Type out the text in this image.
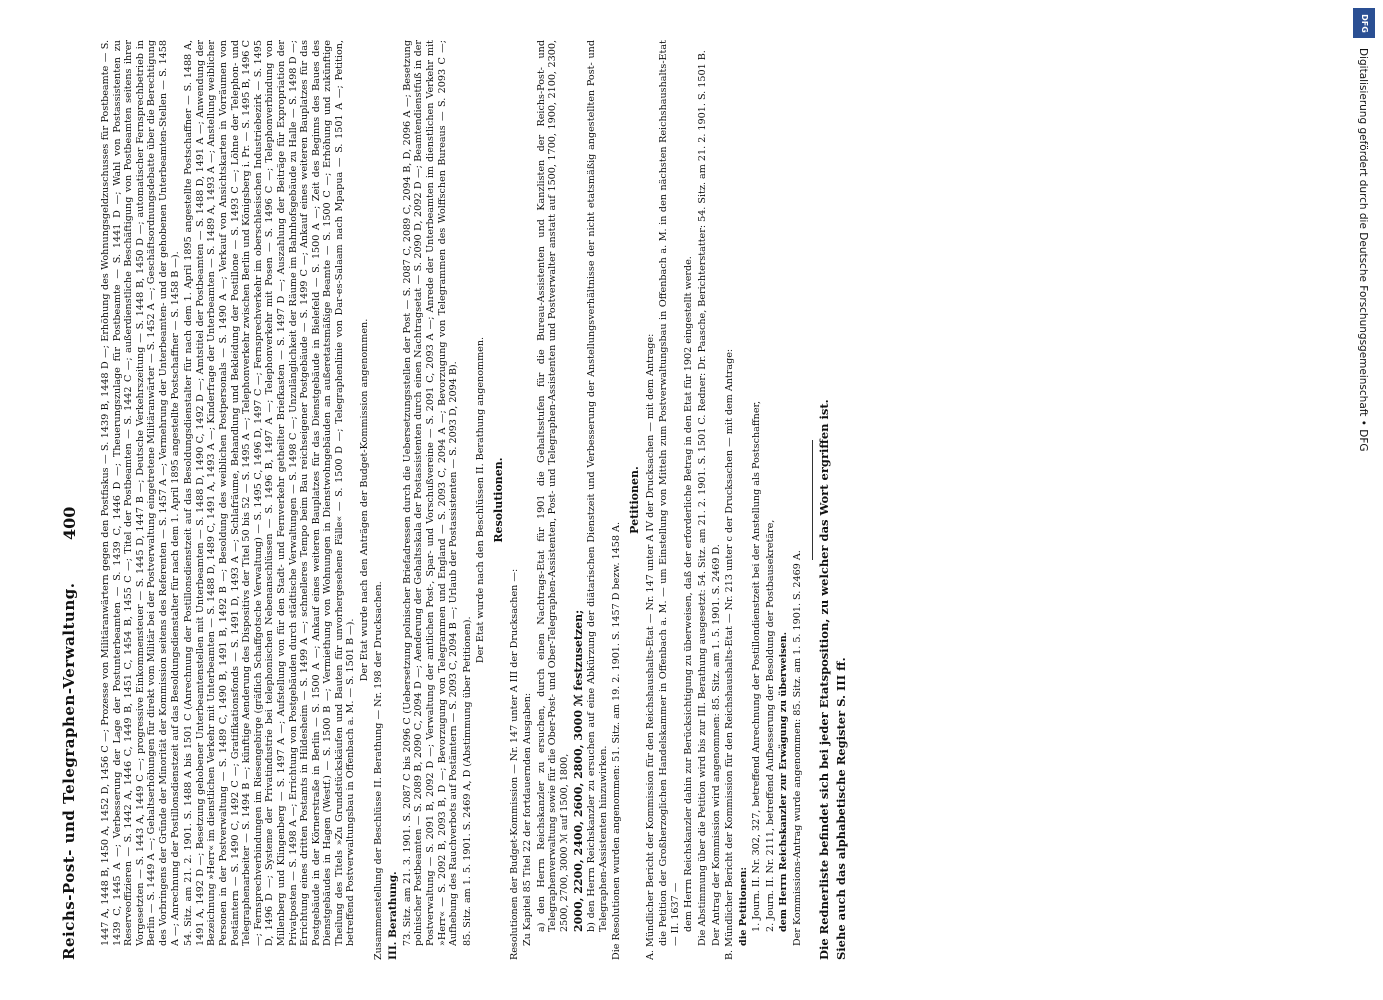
Reichs-Post- und Telegraphen-Verwaltung.
400 1447 A, 1448 B, 1450 A, 1452 D, 1456 C —; Prozesse von Militäranwärtern gegen den Postfiskus — S. 1439 B, 1448 D —; Erhöhung des Wohnungsgeldzuschusses für Postbeamte — S. 1439 C, 1445 A —; Verbesserung der Lage der Postunterbeamten — S. 1439 C, 1446 D —; Theuerungszulage für Postbeamte — S. 1441 D —; Wahl von Postassistenten zu Reserveoffizieren — S. 1442 A, 1446 C, 1449 B, 1451 C, 1454 B, 1455 C —; Titel der Postbeamten — S. 1442 C —; außerdienstliche Beschäftigung von Postbeamten seitens ihrer Vorgesetzten — S. 1443 A, 1449 C —; progressive Einkommensteuer — S. 1445 D, 1447 B —; Deutsche Verkehrszeitung — S. 1448 B, 1450 D —; automatischer Fernsprechbetrieb in Berlin — S. 1449 A —; Gehaltserhöhungen für direkt vom Militär bei der Postverwaltung eingetretene Militäranwärter — S. 1452 A —; Geschäftsordnungsdebatte über die Berechtigung des Vorbringens der Gründe der Minorität der Kommission seitens des Referenten — S. 1457 A —; Vermehrung der Unterbeamten- und der gehobenen Unterbeamten-Stellen — S. 1458 A —; Anrechnung der Postillonsdienstzeit auf das Besoldungsdienstalter für nach dem 1. April 1895 angestellte Postschaffner — S. 1458 B —). 54. Sitz. am 21. 2. 1901. S. 1488 A bis 1501 C (Anrechnung der Postillonsdienstzeit auf das Besoldungsdienstalter für nach dem 1. April 1895 angestellte Postschaffner — S. 1488 A, 1491 A, 1492 D —; Besetzung gehobener Unterbeamtenstellen mit Unterbeamten — S. 1488 D, 1490 C, 1492 D —; Amtstitel der Postbeamten — S. 1488 D, 1491 A —; Anwendung der Bezeichnung »Herr« im dienstlichen Verkehr mit Unterbeamten — S. 1488 D, 1489 C, 1491 A, 1493 A —; Kinderfrage der Unterbeamten — S. 1489 A, 1493 A —; Anstellung weiblicher Personen in der Postverwaltung — S. 1489 C, 1490 B, 1491 B, 1492 B —; Besoldung des weiblichen Postpersonals — S. 1490 A —; Verkauf von Ansichtskarten in Vorräumen von Postämtern — S. 1490 C, 1492 C —; Gratifikationsfonds — S. 1491 D, 1493 A —; Schlafräume, Behandlung und Bekleidung der Postillone — S. 1493 C —; Löhne der Telephon- und Telegraphenarbeiter — S. 1494 B —; künftige Aenderung des Dispositivs der Titel 50 bis 52 — S. 1495 A —; Telephonverkehr zwischen Berlin und Königsberg i. Pr. — S. 1495 B, 1496 C —; Fernsprechverbindungen im Riesengebirge (gräflich Schaffgotsche Verwaltung) — S. 1495 C, 1496 D, 1497 C —; Fernsprechverkehr im oberschlesischen Industriebezirk — S. 1495 D, 1496 D —; Systeme der Privatindustrie bei telephonischen Nebenanschlüssen — S. 1496 B, 1497 A —; Telephonverkehr mit Posen — S. 1496 C —; Telephonverbindung von Millenberg und Klingenberg — S. 1497 A —; Aufstellung von für den Stadt- und Fernverkehr getheilter Briefkasten — S. 1497 D —; Auszahlung der Beiträge für Expropriation der Privatposten — S. 1498 A —; Errichtung von Postgebäuden durch städtische Verwaltungen — S. 1498 C —; Unzulänglichkeit der Räume im Bahnhofsgebäude zu Halle — S. 1498 D —; Errichtung eines dritten Postamts in Hildesheim — S. 1499 A —; schnelleres Tempo beim Bau reichseigener Postgebäude — S. 1499 C —; Ankauf eines weiteren Bauplatzes für das Postgebäude in der Körnerstraße in Berlin — S. 1500 A —; Ankauf eines weiteren Bauplatzes für das Dienstgebäude in Bielefeld — S. 1500 A —; Zeit des Beginns des Baues des Dienstgebäudes in Hagen (Westf.) — S. 1500 B —; Vermiethung von Wohnungen in Dienstwohngebäuden an außeretatsmäßige Beamte — S. 1500 C —; Erhöhung und zukünftige Theilung des Titels »Zu Grundstückskäufen und Bauten für unvorhergesehene Fälle« — S. 1500 D —; Telegraphenlinie von Dar-es-Salaam nach Mpapua — S. 1501 A —; Petition, betreffend Postverwaltungsbau in Offenbach a. M. — S. 1501 B —).

Der Etat wurde nach den Anträgen der Budget-Kommission angenommen.

Zusammenstellung der Beschlüsse II. Berathung — Nr. 198 der Drucksachen. III. Berathung. 73. Sitz. am 21. 3. 1901. S. 2087 C bis 2096 C (Uebersetzung polnischer Briefadressen durch die Uebersetzungsstellen der Post — S. 2087 C, 2089 C, 2094 B, D, 2096 A —; Besetzung polnischer Postbeamten — S. 2089 B, 2090 C, 2094 D —; Aenderung der Gehaltsskala der Postassistenten durch einen Nachtragsetat — S. 2090 D, 2092 D —; Beamtendienstfuß in der Postverwaltung — S. 2091 B, 2092 D —; Verwaltung der amtlichen Post-, Spar- und Vorschußvereine — S. 2091 C, 2093 A —; Anrede der Unterbeamten im dienstlichen Verkehr mit »Herr« — S. 2092 B, 2093 B, D —; Bevorzugung von Telegrammen und England — S. 2093 C, 2094 A —; Bevorzugung von Telegrammen des Wolffschen Bureaus — S. 2093 C —; Aufhebung des Rauchverbots auf Postämtern — S. 2093 C, 2094 B —; Urlaub der Postassistenten — S. 2093 D, 2094 B). 85. Sitz. am 1. 5. 1901. S. 2469 A, D (Abstimmung über Petitionen).

Der Etat wurde nach den Beschlüssen II. Berathung angenommen. Resolutionen.

Resolutionen der Budget-Kommission — Nr. 147 unter A III der Drucksachen —: Zu Kapitel 85 Titel 22 der fortdauernden Ausgaben: a) den Herrn Reichskanzler zu ersuchen, durch einen Nachtrags-Etat für 1901 die Gehaltsstufen für die Bureau-Assistenten und Kanzlisten der Reichs-Post- und Telegraphenverwaltung sowie für die Ober-Post- und Ober-Telegraphen-Assistenten, Post- und Telegraphen-Assistenten und Postverwalter anstatt auf 1500, 1700, 1900, 2100, 2300, 2500, 2700, 3000 ℳ auf 1500, 1800, 2000, 2200, 2400, 2600, 2800, 3000 ℳ festzusetzen; b) den Herrn Reichskanzler zu ersuchen auf eine Abkürzung der diätarischen Dienstzeit und Verbesserung der Anstellungsverhältnisse der nicht etatsmäßig angestellten Post- und Telegraphen-Assistenten hinzuwirken. Die Resolutionen wurden angenommen: 51. Sitz. am 19. 2. 1901. S. 1457 D bezw. 1458 A.

Petitionen. A. Mündlicher Bericht der Kommission für den Reichshaushalts-Etat — Nr. 147 unter A IV der Drucksachen — mit dem Antrage: die Petition der Großherzoglichen Handelskammer in Offenbach a. M. — um Einstellung von Mitteln zum Postverwaltungsbau in Offenbach a. M. in den nächsten Reichshaushalts-Etat — II. 1637 — dem Herrn Reichskanzler dahin zur Berücksichtigung zu überweisen, daß der erforderliche Betrag in den Etat für 1902 eingestellt werde. Die Abstimmung über die Petition wird bis zur III. Berathung ausgesetzt: 54. Sitz. am 21. 2. 1901. S. 1501 C. Redner: Dr. Paasche, Berichterstatter: 54. Sitz. am 21. 2. 1901. S. 1501 B. Der Antrag der Kommission wird angenommen: 85. Sitz. am 1. 5. 1901. S. 2469 D. B. Mündlicher Bericht der Kommission für den Reichshaushalts-Etat — Nr. 213 unter c der Drucksachen — mit dem Antrage: die Petitionen: 1. Journ. II. Nr. 302, 327, betreffend Anrechnung der Postillondienstzeit bei der Anstellung als Postschaffner, 2. Journ. II. Nr. 2111, betreffend Aufbesserung der Besoldung der Postbausekretäre, dem Herrn Reichskanzler zur Erwägung zu überweisen. Der Kommissions-Antrag wurde angenommen: 85. Sitz. am 1. 5. 1901. S. 2469 A. Die Rednerliste befindet sich bei jeder Etatsposition, zu welcher das Wort ergriffen ist. Siehe auch das alphabetische Register S. III ff.

DFG
Digitalisierung gefördert durch die Deutsche Forschungsgemeinschaft • DFG
